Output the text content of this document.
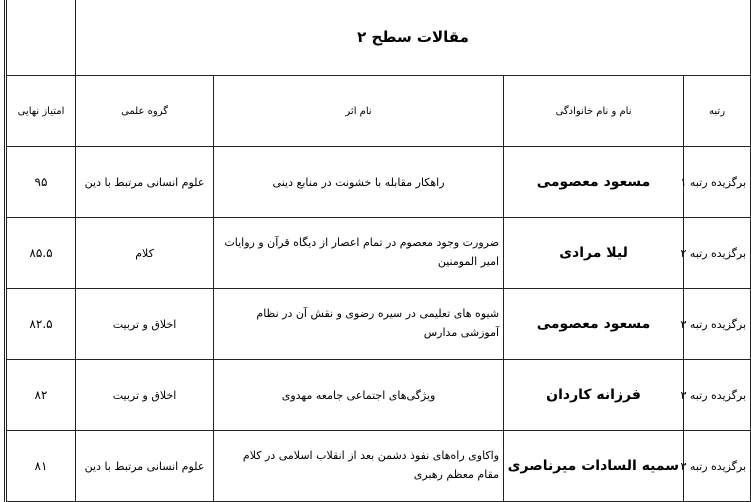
مقالات سطح ۲				
رتبه	نام و نام خانوادگی	نام اثر	گروه علمی	امتیاز نهایی
برگزیده رتبه ۱	مسعود معصومی	راهکار مقابله با خشونت در منابع دینی	علوم انسانی مرتبط با دین	۹۵
برگزیده رتبه ۲	لیلا مرادی	ضرورت وجود معصوم در تمام اعصار از دیگاه قرآن و روایات امیر المومنین	کلام	۸۵.۵
برگزیده رتبه ۳	مسعود معصومی	شیوه های تعلیمی در سیره رضوی و نقش آن در نظام آموزشی مدارس	اخلاق و تربیت	۸۲.۵
برگزیده رتبه ۳	فرزانه کاردان	ویژگی‌های اجتماعی جامعه مهدوی	اخلاق و تربیت	۸۲
برگزیده رتبه ۳	سمیه السادات میرناصری	واکاوی راه‌های نفوذ دشمن بعد از انقلاب اسلامی در کلام مقام معظم رهبری	علوم انسانی مرتبط با دین	۸۱
